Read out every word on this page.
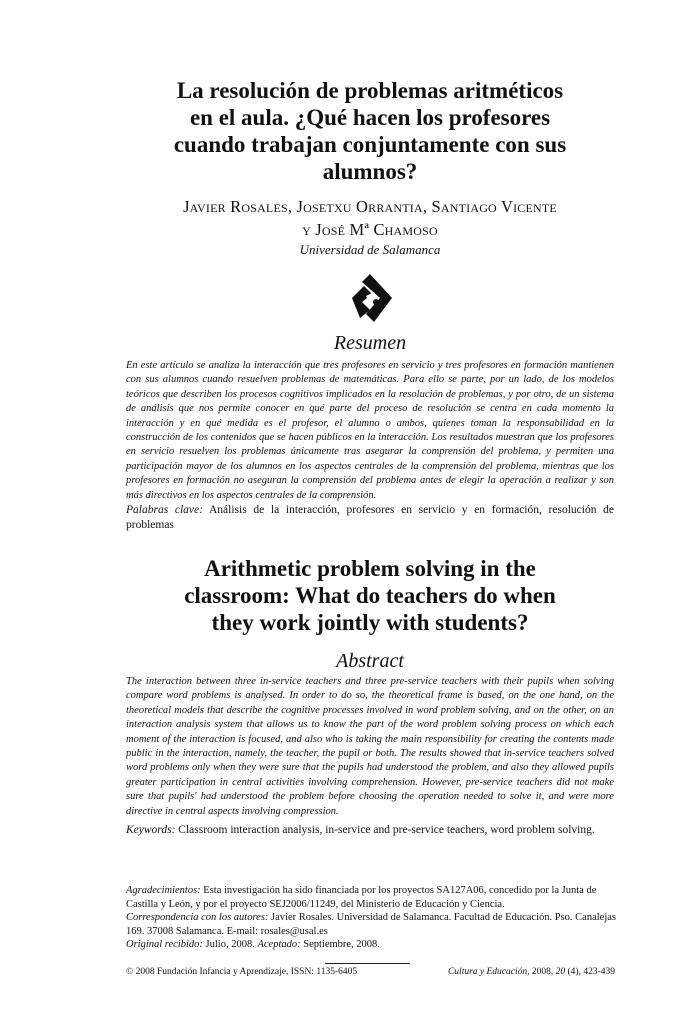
La resolución de problemas aritméticos
en el aula. ¿Qué hacen los profesores
cuando trabajan conjuntamente con sus
alumnos?
Javier Rosales, Josetxu Orrantia, Santiago Vicente
y José Mª Chamoso
Universidad de Salamanca
Resumen

En este artículo se analiza la interacción que tres profesores en servicio y tres profesores en formación mantienen con sus alumnos cuando resuelven problemas de matemáticas. Para ello se parte, por un lado, de los modelos teóricos que describen los procesos cognitivos implicados en la resolución de problemas, y por otro, de un sistema de análisis que nos permite conocer en qué parte del proceso de resolución se centra en cada momento la interacción y en qué medida es el profesor, el alumno o ambos, quienes toman la responsabilidad en la construcción de los contenidos que se hacen públicos en la interacción. Los resultados muestran que los profesores en servicio resuelven los problemas únicamente tras asegurar la comprensión del problema, y permiten una participación mayor de los alumnos en los aspectos centrales de la comprensión del problema, mientras que los profesores en formación no aseguran la comprensión del problema antes de elegir la operación a realizar y son más directivos en los aspectos centrales de la comprensión.

Palabras clave: Análisis de la interacción, profesores en servicio y en formación, resolución de problemas

Arithmetic problem solving in the
classroom: What do teachers do when
they work jointly with students?
Abstract

The interaction between three in-service teachers and three pre-service teachers with their pupils when solving compare word problems is analysed. In order to do so, the theoretical frame is based, on the one hand, on the theoretical models that describe the cognitive processes involved in word problem solving, and on the other, on an interaction analysis system that allows us to know the part of the word problem solving process on which each moment of the interaction is focused, and also who is taking the main responsibility for creating the contents made public in the interaction, namely, the teacher, the pupil or both. The results showed that in-service teachers solved word problems only when they were sure that the pupils had understood the problem, and also they allowed pupils greater participation in central activities involving comprehension. However, pre-service teachers did not make sure that pupils' had understood the problem before choosing the operation needed to solve it, and were more directive in central aspects involving compression.

Keywords: Classroom interaction analysis, in-service and pre-service teachers, word problem solving.

Agradecimientos: Esta investigación ha sido financiada por los proyectos SA127A06, concedido por la Junta de Castilla y León, y por el proyecto SEJ2006/11249, del Ministerio de Educación y Ciencia.
Correspondencia con los autores: Javier Rosales. Universidad de Salamanca. Facultad de Educación. Pso. Canalejas 169. 37008 Salamanca. E-mail: rosales@usal.es
Original recibido: Julio, 2008. Aceptado: Septiembre, 2008.

© 2008 Fundación Infancia y Aprendizaje, ISSN: 1135-6405	Cultura y Educación, 2008, 20 (4), 423-439
